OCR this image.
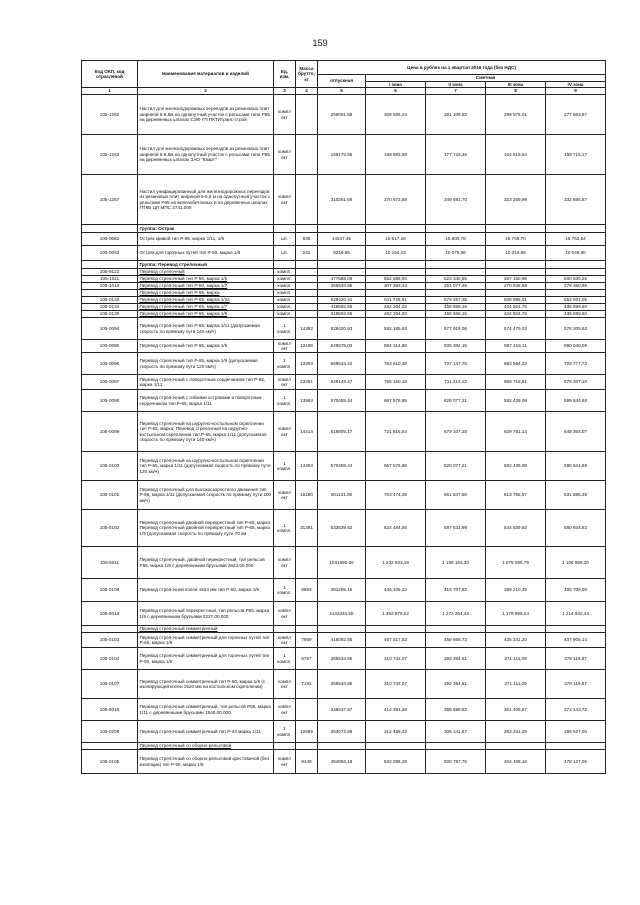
159
Код ОКП, код отраслевой	Наименование материалов и изделий	Ед. изм.	Масса брутто, кг	Цена в рублях на 1 квартал 2016 года (без НДС)				
				отпускная	Сметная			
					I зона	II зона	III зона	IV зона
1	2	3	4	5	6	7	8	9
105-1252	Настил для железнодорожных переездов из резиновых плит шириной 6-6,5м на однопутный участок с рельсами типа Р65 на деревянных шпалах СЭФ ГП ПКТИтранс-строй	компл ект		256001.68	309 555,24	291 109,53	299 975,01	277 663,57
105-1263	Настил для железнодорожных переездов из резиновых плит шириной 6-6,5м на однопутный участок с рельсами типа Р65 на деревянных шпалах ЗАО "Кварт"	компл ект		156175.66	189 983,58	177 722,46	164 619,64	169 715,17
105-1257	Настил унифицированный для железнодорожных переездов из резиновых плит шириной 6-6,5 м на однопутный участок с рельсами Р65 на железобетонных и на деревянных шпалах ПТКБ ЦП МПС 2741.000	компл ект		310251.66	370 673,68	349 591,70	323 269,99	332 885,87
	Группа: Острак							
105-0062	Остряк кривой тип Р-65, марка 1/11, 1/9	шт.	836	14447.46	15 617,18	15 600,78	15 705,70	15 763,54
105-0053	Остряк для горочных путей тип Р-50, марка 1/6	шт.	242	9216.55	10 154,13	10 079,96	10 019,88	10 049,60
	Группа: Перевод стрелочный							
105-9122	Перевод стрелочный	компл.						
105-1011	Перевод стрелочный тип Р-50, марка 1/6	компл.		477568,09	552 888,94	523 340,55	487 150,98	500 830,26
105-1012	Перевод стрелочный тип Р-50, марка 1/7	компл.		265534.85	307 393,44	291 077,46	270 846,58	278 350,96
	Перевод стрелочный тип Р-65, марка	компл.						
105-0133	Перевод стрелочный тип Р-65, марка 1/22	компл.		528420.41	611 726,91	579 257,35	538 995,01	553 931,05
105-0134	Перевод стрелочный тип Р-65, марка 1/7	компл.		418592.65	482 264,02	456 666,16	424 924,76	436 699,60
105-0135	Перевод стрелочный тип Р-65, марка 1/8	компл.		418592.65	482 264,03	456 666,16	424 924,76	436 699,60
105-0094	Перевод стрелочный тип Р-65, марка 1/11 (допускаемая скорость по прямому пути 140 км/ч)	1 компл.	14382	528420.63	582 185,63	577 919,06	574 479,03	578 205,93
105-0095	Перевод стрелочный тип Р-65, марка 1/9	компл ект	13188	849575,03	994 314,88	935 384,15	887 416,11	890 040,09
105-0096	Перевод стрелочный тип Р-65, марка 1/9 (допускаемая скорость по прямому пути 120 км/ч)	1 компл.	13303	669524.22	783 610,48	737 147,78	683 584,23	703 777,73
105-0097	Перевод стрелочный с поворотным сердечником тип Р-65, марка 1/11	компл ект	23351	646149.47	756 150,18	711 412,12	659 718,81	679 207,10
105-0098	Перевод стрелочный с гибкими остряками и поворотным сердечником тип Р-65, марка 1/11	1 компл.	13984	570459.44	667 576,95	628 077,21	582 439,08	599 644,69
105-0099	Перевод стрелочный на шурупно-костыльном скреплении тип Р-65, марка: Перевод стрелочный на шурупно-костыльном скреплении тип Р-65, марка 1/11 (допускаемая скорость по прямому пути 140 км/ч)	компл ект	14414	616805.17	721 816,54	679 107,28	629 761,14	648 364,07
105-0100	Перевод стрелочный на шурупно-костыльном скреплении тип Р-65, марка 1/11 (допускаемая скорость по прямому пути 120 км/ч)	1 компл.	14463	570459.44	667 576,95	628 077,21	582 439,08	599 644,69
105-0101	Перевод стрелочный для высокоскоростного движения тип Р-65, марка 1/11 (допускаемая скорость по прямому пути 200 км/ч)	компл ект	16180	601131.90	703 474,39	661 847,66	613 755,57	631 885,38
105-0102	Перевод стрелочный двойной перекрестный тип Р-65, марка: Перевод стрелочный двойной перекрестный тип Р-65, марка 1/9 (допускаемая скорость по прямому пути 70 км	1 компл.	31391	533639.52	624 484,56	587 531,99	544 839,63	560 934,82
105-6011	Перевод стрелочный, двойной перекрестный, тип рельсов Р65, марка 1/9 с деревянными брусьями 2843.00.000	компл ект		1031690.66	1 232 633,19	1 159 183,30	1 075 096,79	1 106 958,20
105-0108	Перевод стрелочной колеи 1524 мм тип Р-50, марка 1/9	1 компл.	6853	381205.15	446 105,22	419 707,82	389 210,49	400 708,00
105-6012	Перевод стрелочный перекрестный, тип рельсов Р65, марка 1/9 с деревянными брусьями 2227.00.000	компл ект		1132334.50	1 352 878,52	1 272 264,42	1 179 998,24	1 214 942,44
	Перевод стрелочный симметричный							
105-0103	Перевод стрелочный симметричный для горочных путей тип Р-65, марка 1/6	компл ект	7959	416092.85	487 517,63	458 668,73	425 341,20	437 905,14
105-0104	Перевод стрелочный симметричный для горочных путей тип Р-50, марка 1/6	1 компл.	6757	265534.85	310 742,07	292 354,51	271 111,09	279 119,87
105-0107	Перевод стрелочный симметричный тип Р-50, марка 1/6 (с изолирующей колеи 1520 мм на костыльном скреплении)	компл ект	7191	265534.85	310 742,07	292 354,51	271 111,09	279 119,87
105-6010	Перевод стрелочный симметричный, тип рельсов Р65, марка 1/11 с деревянными брусьями 1840.00.000	компл ект		346837.67	414 391,26	389 698,52	361 406,57	372 143,72
105-0208	Перевод стрелочный симметричный тип Р-43 марка 1/11	1 компл.	10559	263072.88	312 438,43	305 141,67	283 241,29	289 527,00
	Перевод стрелочный со сборно-рельсовой							
105-0105	Перевод стрелочный со сборно-рельсовой крестовиной (без изоляции) тип Р-50, марка 1/9	компл ект	9449	454856,18	532 286,28	500 797,75	464 408,16	478 127,06
